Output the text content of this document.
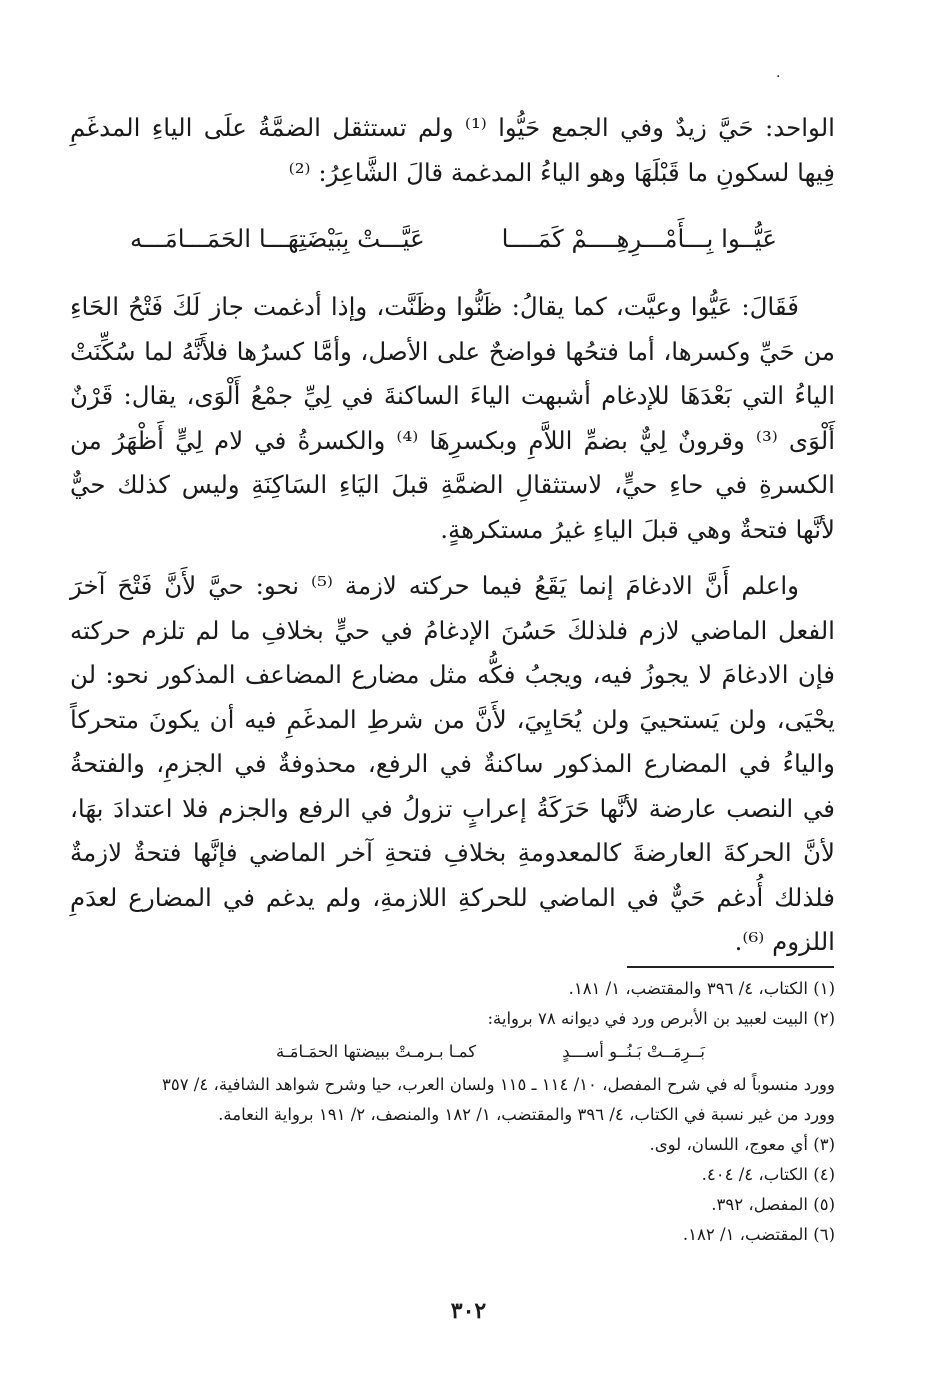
.

الواحد: حَيَّ زيدٌ وفي الجمع حَيُّوا ⁽¹⁾ ولم تستثقل الضمَّةُ علَى الياءِ المدغَمِ فِيها لسكونِ ما قَبْلَهَا وهو الياءُ المدغمة قالَ الشَّاعِرُ: ⁽²⁾

عَيُّــوا بِـــأَمْـــرِهِــــمْ كَمَــــا
عَيَّـــتْ بِبَيْضَتِهَـــا الحَمَـــامَـــه

فَقَالَ: عَيُّوا وعيَّت، كما يقالُ: ظَنُّوا وظَنَّت، وإذا أدغمت جاز لَكَ فَتْحُ الحَاءِ من حَيِّ وكسرها، أما فتحُها فواضحٌ على الأصل، وأمَّا كسرُها فلأَنَّهُ لما سُكِّنَتْ الياءُ التي بَعْدَهَا للإدغام أشبهت الياءَ الساكنةَ في لِيِّ جمْعُ أَلْوَى، يقال: قَرْنٌ أَلْوَى ⁽³⁾ وقرونٌ لِيٌّ بضمِّ اللاَّمِ وبكسرِهَا ⁽⁴⁾ والكسرةُ في لام لِيٍّ أَظْهَرُ من الكسرةِ في حاءِ حيٍّ، لاستثقالِ الضمَّةِ قبلَ اليَاءِ السَاكِنَةِ وليس كذلك حيٌّ لأنَّها فتحةٌ وهي قبلَ الياءِ غيرُ مستكرهةٍ.

واعلم أَنَّ الادغامَ إنما يَقَعُ فيما حركته لازمة ⁽⁵⁾ نحو: حيَّ لأَنَّ فَتْحَ آخرَ الفعل الماضي لازم فلذلكَ حَسُنَ الإدغامُ في حيٍّ بخلافِ ما لم تلزم حركته فإن الادغامَ لا يجوزُ فيه، ويجبُ فكُّه مثل مضارع المضاعف المذكور نحو: لن يحْيَى، ولن يَستحييَ ولن يُحَايِيَ، لأَنَّ من شرطِ المدغَمِ فيه أن يكونَ متحركاً والياءُ في المضارع المذكور ساكنةٌ في الرفع، محذوفةٌ في الجزمِ، والفتحةُ في النصب عارضة لأنَّها حَرَكَةُ إعرابٍ تزولُ في الرفع والجزم فلا اعتدادَ بهَا، لأنَّ الحركةَ العارضةَ كالمعدومةِ بخلافِ فتحةِ آخر الماضي فإنَّها فتحةٌ لازمةٌ فلذلك أُدغم حَيٌّ في الماضي للحركةِ اللازمةِ، ولم يدغم في المضارع لعدَمِ اللزوم ⁽⁶⁾.

(١) الكتاب، ٤/ ٣٩٦ والمقتضب، ١/ ١٨١.

(٢) البيت لعبيد بن الأبرص ورد في ديوانه ٧٨ برواية:

بَــرِمَــتْ بَـنُــو أســـدٍ
كمـا بـرمـتْ ببيضتها الحمَـامَـة

وورد منسوباً له في شرح المفصل، ١٠/ ١١٤ ـ ١١٥ ولسان العرب، حيا وشرح شواهد الشافية، ٤/ ٣٥٧

وورد من غير نسبة في الكتاب، ٤/ ٣٩٦ والمقتضب، ١/ ١٨٢ والمنصف، ٢/ ١٩١ برواية النعامة.

(٣) أي معوج، اللسان، لوى.

(٤) الكتاب، ٤/ ٤٠٤.

(٥) المفصل، ٣٩٢.

(٦) المقتضب، ١/ ١٨٢.

٣٠٢
